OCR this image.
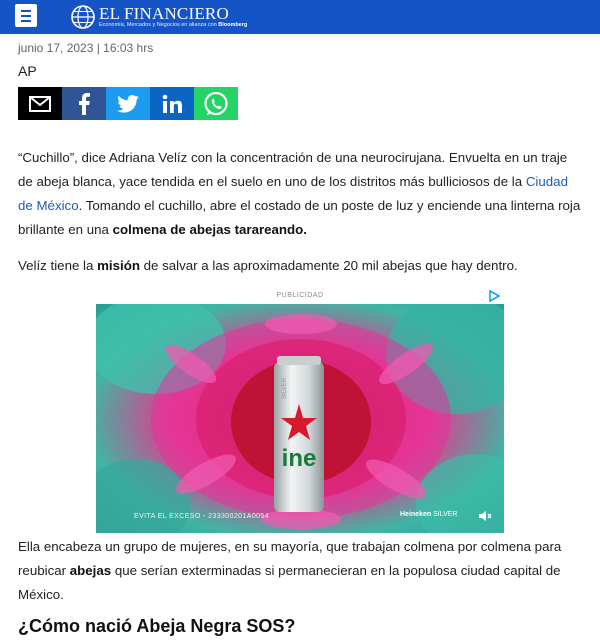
EL FINANCIERO
Economía, Mercados y Negocios en alianza con Bloomberg
junio 17, 2023 | 16:03 hrs
AP
“Cuchillo”, dice Adriana Velíz con la concentración de una neurocirujana. Envuelta en un traje de abeja blanca, yace tendida en el suelo en uno de los distritos más bulliciosos de la Ciudad de México. Tomando el cuchillo, abre el costado de un poste de luz y enciende una linterna roja brillante en una colmena de abejas tarareando.
Velíz tiene la misión de salvar a las aproximadamente 20 mil abejas que hay dentro.
PUBLICIDAD
ine
SILVER
EVITA EL EXCESO - 233300201A0054	Heineken SILVER
Ella encabeza un grupo de mujeres, en su mayoría, que trabajan colmena por colmena para reubicar abejas que serían exterminadas si permanecieran en la populosa ciudad capital de México.
¿Cómo nació Abeja Negra SOS?
